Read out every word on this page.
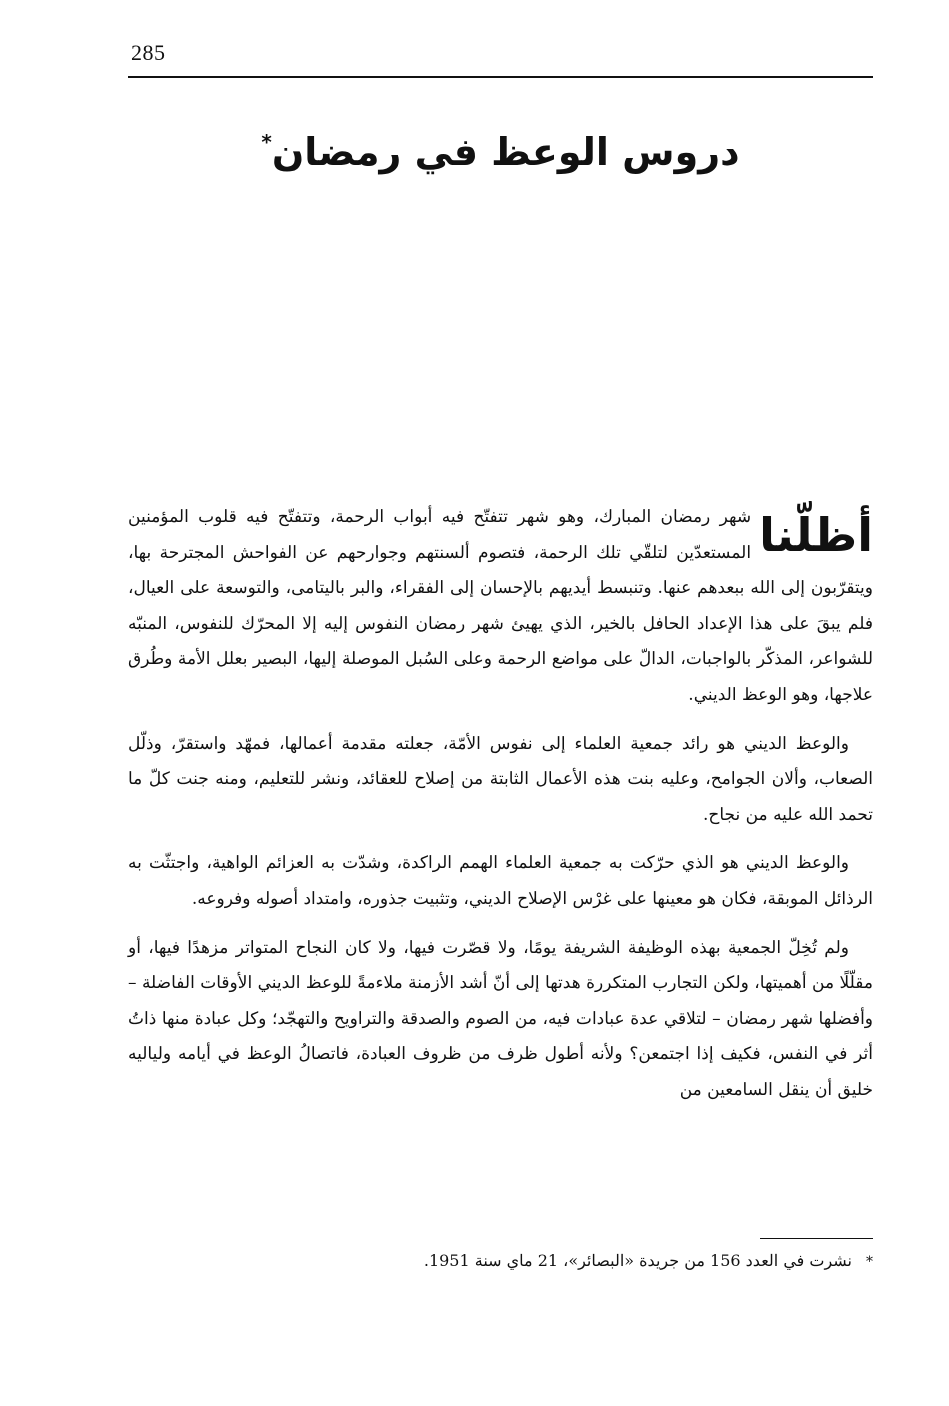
285
دروس الوعظ في رمضان*

أظلّنا
شهر رمضان المبارك، وهو شهر تتفتّح فيه أبواب الرحمة، وتتفتّح فيه قلوب المؤمنين المستعدّين لتلقّي تلك الرحمة، فتصوم ألسنتهم وجوارحهم عن الفواحش المجترحة بها، ويتقرّبون إلى الله ببعدهم عنها. وتنبسط أيديهم بالإحسان إلى الفقراء، والبر باليتامى، والتوسعة على العيال، فلم يبقَ على هذا الإعداد الحافل بالخير، الذي يهيئ شهر رمضان النفوس إليه إلا المحرّك للنفوس، المنبّه للشواعر، المذكّر بالواجبات، الدالّ على مواضع الرحمة وعلى السُبل الموصلة إليها، البصير بعلل الأمة وطُرق علاجها، وهو الوعظ الديني.

والوعظ الديني هو رائد جمعية العلماء إلى نفوس الأمّة، جعلته مقدمة أعمالها، فمهّد واستقرّ، وذلّل الصعاب، وألان الجوامح، وعليه بنت هذه الأعمال الثابتة من إصلاح للعقائد، ونشر للتعليم، ومنه جنت كلّ ما تحمد الله عليه من نجاح.

والوعظ الديني هو الذي حرّكت به جمعية العلماء الهمم الراكدة، وشدّت به العزائم الواهية، واجتثّت به الرذائل الموبقة، فكان هو معينها على غرْس الإصلاح الديني، وتثبيت جذوره، وامتداد أصوله وفروعه.

ولم تُخِلّ الجمعية بهذه الوظيفة الشريفة يومًا، ولا قصّرت فيها، ولا كان النجاح المتواتر مزهدًا فيها، أو مقلّلًا من أهميتها، ولكن التجارب المتكررة هدتها إلى أنّ أشد الأزمنة ملاءمةً للوعظ الديني الأوقات الفاضلة – وأفضلها شهر رمضان – لتلاقي عدة عبادات فيه، من الصوم والصدقة والتراويح والتهجّد؛ وكل عبادة منها ذاتُ أثر في النفس، فكيف إذا اجتمعن؟ ولأنه أطول ظرف من ظروف العبادة، فاتصالُ الوعظ في أيامه ولياليه خليق أن ينقل السامعين من

*نشرت في العدد 156 من جريدة «البصائر»، 21 ماي سنة 1951.
